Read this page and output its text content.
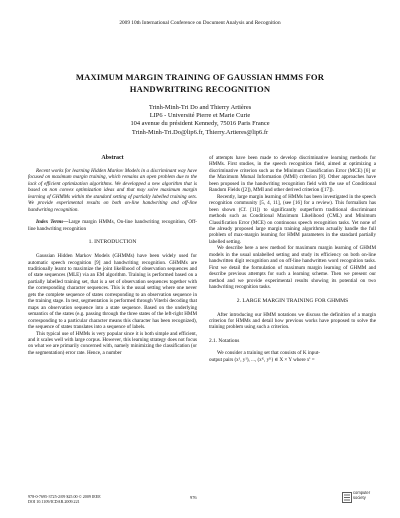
2009 10th International Conference on Document Analysis and Recognition
MAXIMUM MARGIN TRAINING OF GAUSSIAN HMMS FOR
HANDWRITRING RECOGNITION
Trinh-Minh-Tri Do and Thierry Artières
LIP6 - Université Pierre et Marie Curie
104 avenue du président Kennedy, 75016 Paris France
Trinh-Minh-Tri.Do@lip6.fr, Thierry.Artieres@lip6.fr
Abstract
Recent works for learning Hidden Markov Models in a discriminant way have focused on maximum margin training, which remains an open problem due to the lack of efficient optimization algorithms. We developped a new algorithm that is based on non convex optimization ideas and that may solve maximum margin learning of GHMMs within the standard setting of partially labelled training sets. We provide experimental results on both on-line handwriting and off-line handwriting recognition.
Index Terms—Large margin HMMs, On-line handwriting recognition, Off-line handwriting recognition
1. INTRODUCTION
Gaussian Hidden Markov Models (GHMMs) have been widely used for automatic speech recognition [9] and handwriting recognition. GHMMs are traditionally learnt to maximize the joint likelihood of observation sequences and of state sequences (MLE) via an EM algorithm. Training is performed based on a partially labelled training set, that is a set of observation sequences together with the corresponding character sequences. This is the usual setting where one never gets the complete sequence of states corresponding to an observation sequence in the training stage. In test, segmentation is performed through Viterbi decoding that maps an observation sequence into a state sequence. Based on the underlying semantics of the states (e.g. passing through the three states of the left-right HMM corresponding to a particular character means this character has been recognized), the sequence of states translates into a sequence of labels.
This typical use of HMMs is very popular since it is both simple and efficient, and it scales well with large corpus. However, this learning strategy does not focus on what we are primarily concerned with, namely minimizing the classification (or the segmentation) error rate. Hence, a number
of attempts have been made to develop discriminative learning methods for HMMs. First studies, in the speech recognition field, aimed at optimizing a discriminative criterion such as the Minimum Classification Error (MCE) [6] or the Maximum Mutual Information (MMI) criterion [8]. Other approaches have been proposed in the handwriting recognition field with the use of Conditional Random Fields ([2]), MMI and other derived criterion ([17]).
Recently, large margin learning of HMMs has been investigated in the speech recognition community [5, 4, 11], (see [16] for a review). This formalism has been shown (Cf. [11]) to significantly outperform traditional discriminant methods such as Conditional Maximum Likelihood (CML) and Minimum Classification Error (MCE) on continuous speech recognition tasks. Yet none of the already proposed large margin training algorithms actually handle the full problem of max-margin learning for HMM parameters in the standard partially labelled setting.
We describe here a new method for maximum margin learning of GHMM models in the usual unlabelled setting and study its efficiency on both on-line handwritten digit recognition and on off-line handwritten word recognition tasks. First we detail the formulation of maximum margin learning of GHMM and describe previous attempts for such a learning scheme. Then we present our method and we provide experimental results showing its potential on two handwriting recognition tasks.
2. LARGE MARGIN TRAINING FOR GHMMS
After introducing our HMM notations we discuss the definition of a margin criterion for HMMs and detail how previous works have proposed to solve the training problem using such a criterion.
2.1. Notations
We consider a training set that consists of K input-
output pairs (x¹, y¹), ..., (xᴷ, yᴷ) ∈ X × Y where xⁱ =
978-0-7695-3725-2/09 $25.00 © 2009 IEEE
DOI 10.1109/ICDAR.2009.221
976
computer
society
